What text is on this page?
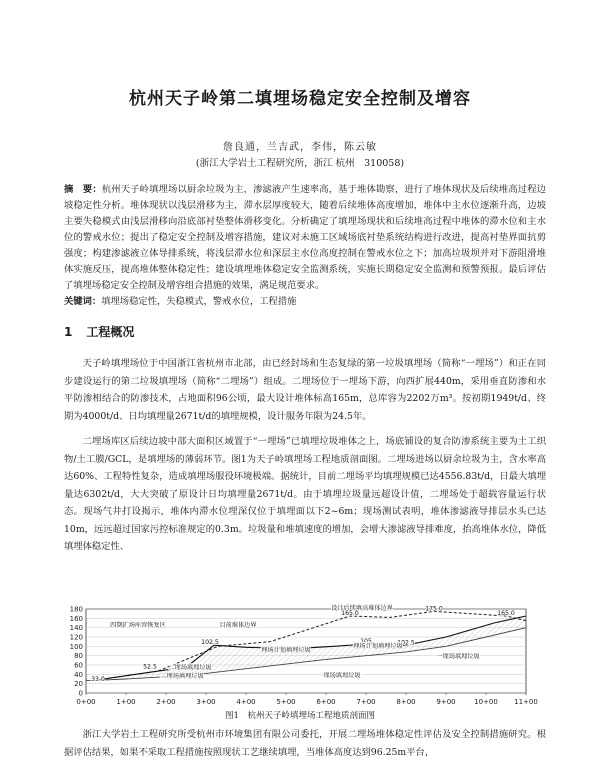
杭州天子岭第二填埋场稳定安全控制及增容
詹良通，兰吉武，李伟，陈云敏
(浙江大学岩土工程研究所，浙江 杭州　310058)
摘　要：杭州天子岭填埋场以厨余垃圾为主，渗滤液产生速率高，基于堆体勘察，进行了堆体现状及后续堆高过程边坡稳定性分析。堆体现状以浅层滑移为主，滞水层厚度较大，随着后续堆体高度增加，堆体中主水位逐渐升高，边坡主要失稳模式由浅层滑移向沿底部衬垫整体滑移变化。分析确定了填埋场现状和后续堆高过程中堆体的滞水位和主水位的警戒水位；提出了稳定安全控制及增容措施，建议对未施工区域场底衬垫系统结构进行改进，提高衬垫界面抗剪强度；构建渗滤液立体导排系统，将浅层滞水位和深层主水位高度控制在警戒水位之下；加高垃圾坝并对下游阻滑堆体实施反压，提高堆体整体稳定性；建设填埋堆体稳定安全监测系统，实施长期稳定安全监测和预警预报。最后评估了填埋场稳定安全控制及增容组合措施的效果，满足规范要求。
关键词：填埋场稳定性，失稳模式，警戒水位，工程措施
1 工程概况
天子岭填埋场位于中国浙江省杭州市北部，由已经封场和生态复绿的第一垃圾填埋场（简称“一埋场”）和正在同步建设运行的第二垃圾填埋场（简称“二埋场”）组成。二埋场位于一埋场下游，向西扩展440m，采用垂直防渗和水平防渗相结合的防渗技术，占地面积96公顷，最大设计堆体标高165m，总库容为2202万m³。按初期1949t/d、终期为4000t/d、日均填埋量2671t/d的填埋规模，设计服务年限为24.5年。
二埋场库区后续边坡中部大面积区域置于“一埋场”已填埋垃圾堆体之上，场底铺设的复合防渗系统主要为土工织物/土工膜/GCL，是填埋场的薄弱环节。图1为天子岭填埋场工程地质剖面图。二埋场进场以厨余垃圾为主，含水率高达60%、工程特性复杂，造成填埋场服役环境极端。据统计，目前二埋场平均填埋规模已达4556.83t/d，日最大填埋量达6302t/d，大大突破了原设计日均填埋量2671t/d。由于填埋垃圾量远超设计值，二埋场处于超载容量运行状态。现场气井打设揭示，堆体内滞水位埋深仅位于填埋面以下2~6m；现场测试表明，堆体渗滤液导排层水头已达10m，远远超过国家污控标准规定的0.3m。垃圾量和堆填速度的增加，会增大渗滤液导排难度，抬高堆体水位，降低填埋体稳定性、
0
20
40
60
80
100
120
140
160
180
0+00	1+00	2+00	3+00	4+00	5+00	6+00	7+00	8+00	9+00	10+00 11+00
设计后续填高堆体边界
165.0
175.0
165.0
四期扩场库容恢复区	目前堆体边界
102.5	102.5
105
埋场计划填埋垃圾
埋场计划填埋垃圾
一埋场填埋垃圾
52.5
33.0
二埋场填埋垃圾
二埋场填埋垃圾	埋场填埋垃圾
图1　杭州天子岭填埋场工程地质剖面图
浙江大学岩土工程研究所受杭州市环境集团有限公司委托，开展二埋场堆体稳定性评估及安全控制措施研究。根据评估结果，如果不采取工程措施按照现状工艺继续填埋，当堆体高度达到96.25m平台，
